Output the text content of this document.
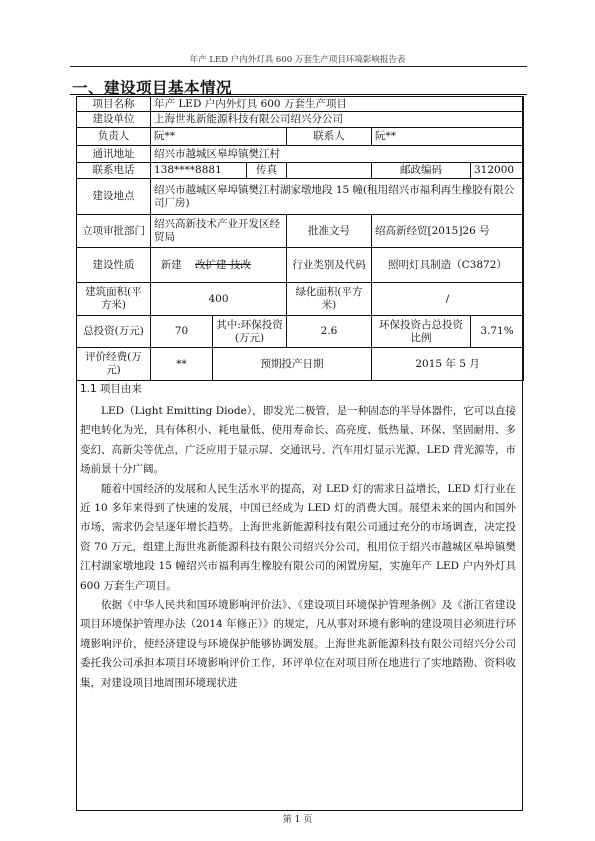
年产 LED 户内外灯具 600 万套生产项目环境影响报告表
一、建设项目基本情况
项目名称	年产 LED 户内外灯具 600 万套生产项目					
建设单位	上海世兆新能源科技有限公司绍兴分公司					
负责人	阮**			联系人	阮**	
通讯地址	绍兴市越城区皋埠镇樊江村					
联系电话	138****8881		传真		邮政编码	312000
建设地点	绍兴市越城区皋埠镇樊江村湖家墩地段 15 幢(租用绍兴市福利再生橡胶有限公司厂房)					
立项审批部门	绍兴高新技术产业开发区经贸局			批准文号	绍高新经贸[2015]26 号	
建设性质	新建 改扩建 技改			行业类别及代码	照明灯具制造（C3872）	
建筑面积(平方米)	400			绿化面积(平方米)	/	
总投资(万元)	70	其中:环保投资(万元)		2.6	环保投资占总投资比例	3.71%
评价经费(万元)	**	预期投产日期			2015 年 5 月	
1.1 项目由来

LED（Light Emitting Diode），即发光二极管，是一种固态的半导体器件，它可以直接把电转化为光，具有体积小、耗电量低、使用寿命长、高亮度、低热量、环保、坚固耐用、多变幻、高新尖等优点，广泛应用于显示屏、交通讯号、汽车用灯显示光源、LED 背光源等，市场前景十分广阔。

随着中国经济的发展和人民生活水平的提高，对 LED 灯的需求日益增长，LED 灯行业在近 10 多年来得到了快速的发展，中国已经成为 LED 灯的消费大国。展望未来的国内和国外市场，需求仍会呈逐年增长趋势。上海世兆新能源科技有限公司通过充分的市场调查，决定投资 70 万元，组建上海世兆新能源科技有限公司绍兴分公司，租用位于绍兴市越城区皋埠镇樊江村湖家墩地段 15 幢绍兴市福利再生橡胶有限公司的闲置房屋，实施年产 LED 户内外灯具 600 万套生产项目。

依据《中华人民共和国环境影响评价法》、《建设项目环境保护管理条例》及《浙江省建设项目环境保护管理办法（2014 年修正）》的规定，凡从事对环境有影响的建设项目必须进行环境影响评价，使经济建设与环境保护能够协调发展。上海世兆新能源科技有限公司绍兴分公司委托我公司承担本项目环境影响评价工作，环评单位在对项目所在地进行了实地踏勘、资料收集，对建设项目地周围环境现状进

第 1 页
